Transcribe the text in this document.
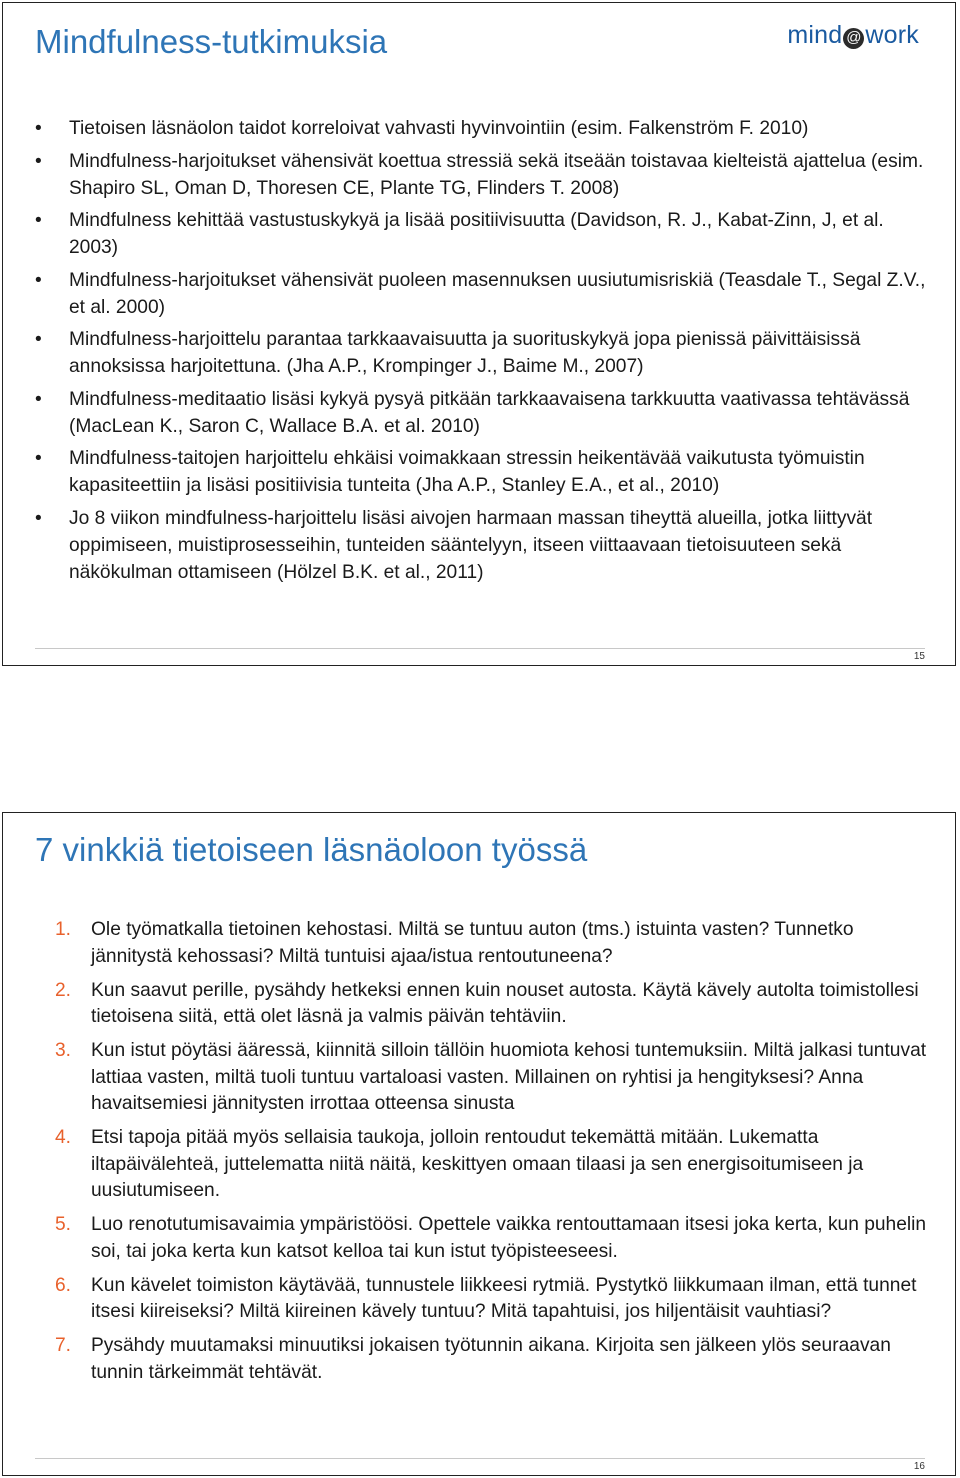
Mindfulness-tutkimuksia	mind @ work
• Tietoisen läsnäolon taidot korreloivat vahvasti hyvinvointiin (esim. Falkenström F. 2010)
• Mindfulness-harjoitukset vähensivät koettua stressiä sekä itseään toistavaa kielteistä ajattelua (esim. Shapiro SL, Oman D, Thoresen CE, Plante TG, Flinders T. 2008)
• Mindfulness kehittää vastustuskykyä ja lisää positiivisuutta (Davidson, R. J., Kabat-Zinn, J, et al. 2003)
• Mindfulness-harjoitukset vähensivät puoleen masennuksen uusiutumisriskiä (Teasdale T., Segal Z.V., et al. 2000)
• Mindfulness-harjoittelu parantaa tarkkaavaisuutta ja suorituskykyä jopa pienissä päivittäisissä annoksissa harjoitettuna. (Jha A.P., Krompinger J., Baime M., 2007)
• Mindfulness-meditaatio lisäsi kykyä pysyä pitkään tarkkaavaisena tarkkuutta vaativassa tehtävässä (MacLean K., Saron C, Wallace B.A. et al. 2010)
• Mindfulness-taitojen harjoittelu ehkäisi voimakkaan stressin heikentävää vaikutusta työmuistin kapasiteettiin ja lisäsi positiivisia tunteita (Jha A.P., Stanley E.A., et al., 2010)
• Jo 8 viikon mindfulness-harjoittelu lisäsi aivojen harmaan massan tiheyttä alueilla, jotka liittyvät oppimiseen, muistiprosesseihin, tunteiden sääntelyyn, itseen viittaavaan tietoisuuteen sekä näkökulman ottamiseen (Hölzel B.K. et al., 2011)
15
7 vinkkiä tietoiseen läsnäoloon työssä
1. Ole työmatkalla tietoinen kehostasi. Miltä se tuntuu auton (tms.) istuinta vasten? Tunnetko jännitystä kehossasi? Miltä tuntuisi ajaa/istua rentoutuneena?
2. Kun saavut perille, pysähdy hetkeksi ennen kuin nouset autosta. Käytä kävely autolta toimistollesi tietoisena siitä, että olet läsnä ja valmis päivän tehtäviin.
3. Kun istut pöytäsi ääressä, kiinnitä silloin tällöin huomiota kehosi tuntemuksiin. Miltä jalkasi tuntuvat lattiaa vasten, miltä tuoli tuntuu vartaloasi vasten. Millainen on ryhtisi ja hengityksesi? Anna havaitsemiesi jännitysten irrottaa otteensa sinusta
4. Etsi tapoja pitää myös sellaisia taukoja, jolloin rentoudut tekemättä mitään. Lukematta iltapäivälehteä, juttelematta niitä näitä, keskittyen omaan tilaasi ja sen energisoitumiseen ja uusiutumiseen.
5. Luo renotutumisavaimia ympäristöösi. Opettele vaikka rentouttamaan itsesi joka kerta, kun puhelin soi, tai joka kerta kun katsot kelloa tai kun istut työpisteeseesi.
6. Kun kävelet toimiston käytävää, tunnustele liikkeesi rytmiä. Pystytkö liikkumaan ilman, että tunnet itsesi kiireiseksi? Miltä kiireinen kävely tuntuu? Mitä tapahtuisi, jos hiljentäisit vauhtiasi?
7. Pysähdy muutamaksi minuutiksi jokaisen työtunnin aikana. Kirjoita sen jälkeen ylös seuraavan tunnin tärkeimmät tehtävät.
16
